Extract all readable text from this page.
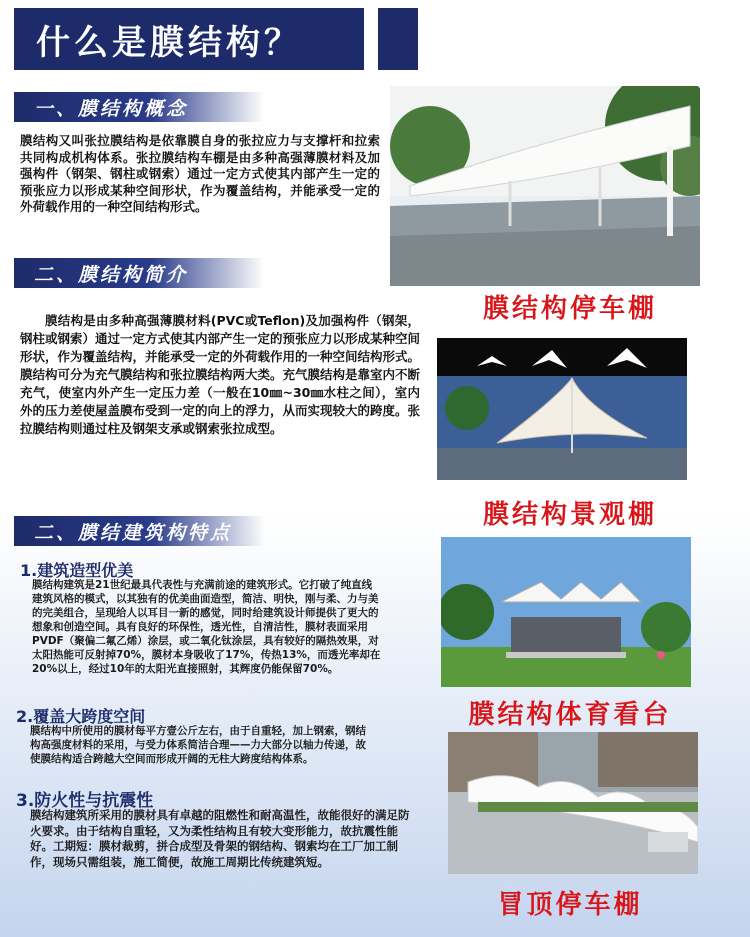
什么是膜结构？
一、膜结构概念
膜结构又叫张拉膜结构是依靠膜自身的张拉应力与支撑杆和拉索共同构成机构体系。张拉膜结构车棚是由多种高强薄膜材料及加强构件（钢架、钢柱或钢索）通过一定方式使其内部产生一定的预张应力以形成某种空间形状，作为覆盖结构，并能承受一定的外荷载作用的一种空间结构形式。
二、膜结构简介
膜结构是由多种高强薄膜材料(PVC或Teflon)及加强构件（钢架，钢柱或钢索）通过一定方式使其内部产生一定的预张应力以形成某种空间形状，作为覆盖结构，并能承受一定的外荷载作用的一种空间结构形式。膜结构可分为充气膜结构和张拉膜结构两大类。充气膜结构是靠室内不断充气，使室内外产生一定压力差（一般在10㎜~30㎜水柱之间），室内外的压力差使屋盖膜布受到一定的向上的浮力，从而实现较大的跨度。张拉膜结构则通过柱及钢架支承或钢索张拉成型。
二、膜结建筑构特点
1.建筑造型优美
膜结构建筑是21世纪最具代表性与充满前途的建筑形式。它打破了纯直线建筑风格的模式，以其独有的优美曲面造型，简洁、明快，刚与柔、力与美的完美组合，呈现给人以耳目一新的感觉，同时给建筑设计师提供了更大的想象和创造空间。具有良好的环保性，透光性，自清洁性，膜材表面采用PVDF（聚偏二氟乙烯）涂层，或二氧化钛涂层，具有较好的隔热效果，对太阳热能可反射掉70%，膜材本身吸收了17%，传热13%，而透光率却在20%以上，经过10年的太阳光直接照射，其辉度仍能保留70%。
2.覆盖大跨度空间
膜结构中所使用的膜材每平方壹公斤左右，由于自重轻，加上钢索，钢结构高强度材料的采用，与受力体系简洁合理——力大部分以轴力传递，故使膜结构适合跨越大空间而形成开阔的无柱大跨度结构体系。
3.防火性与抗震性
膜结构建筑所采用的膜材具有卓越的阻燃性和耐高温性，故能很好的满足防火要求。由于结构自重轻，又为柔性结构且有较大变形能力，故抗震性能好。工期短：膜材裁剪，拼合成型及骨架的钢结构、钢索均在工厂加工制作，现场只需组装，施工简便，故施工周期比传统建筑短。
膜结构停车棚
膜结构景观棚
膜结构体育看台
冒顶停车棚
